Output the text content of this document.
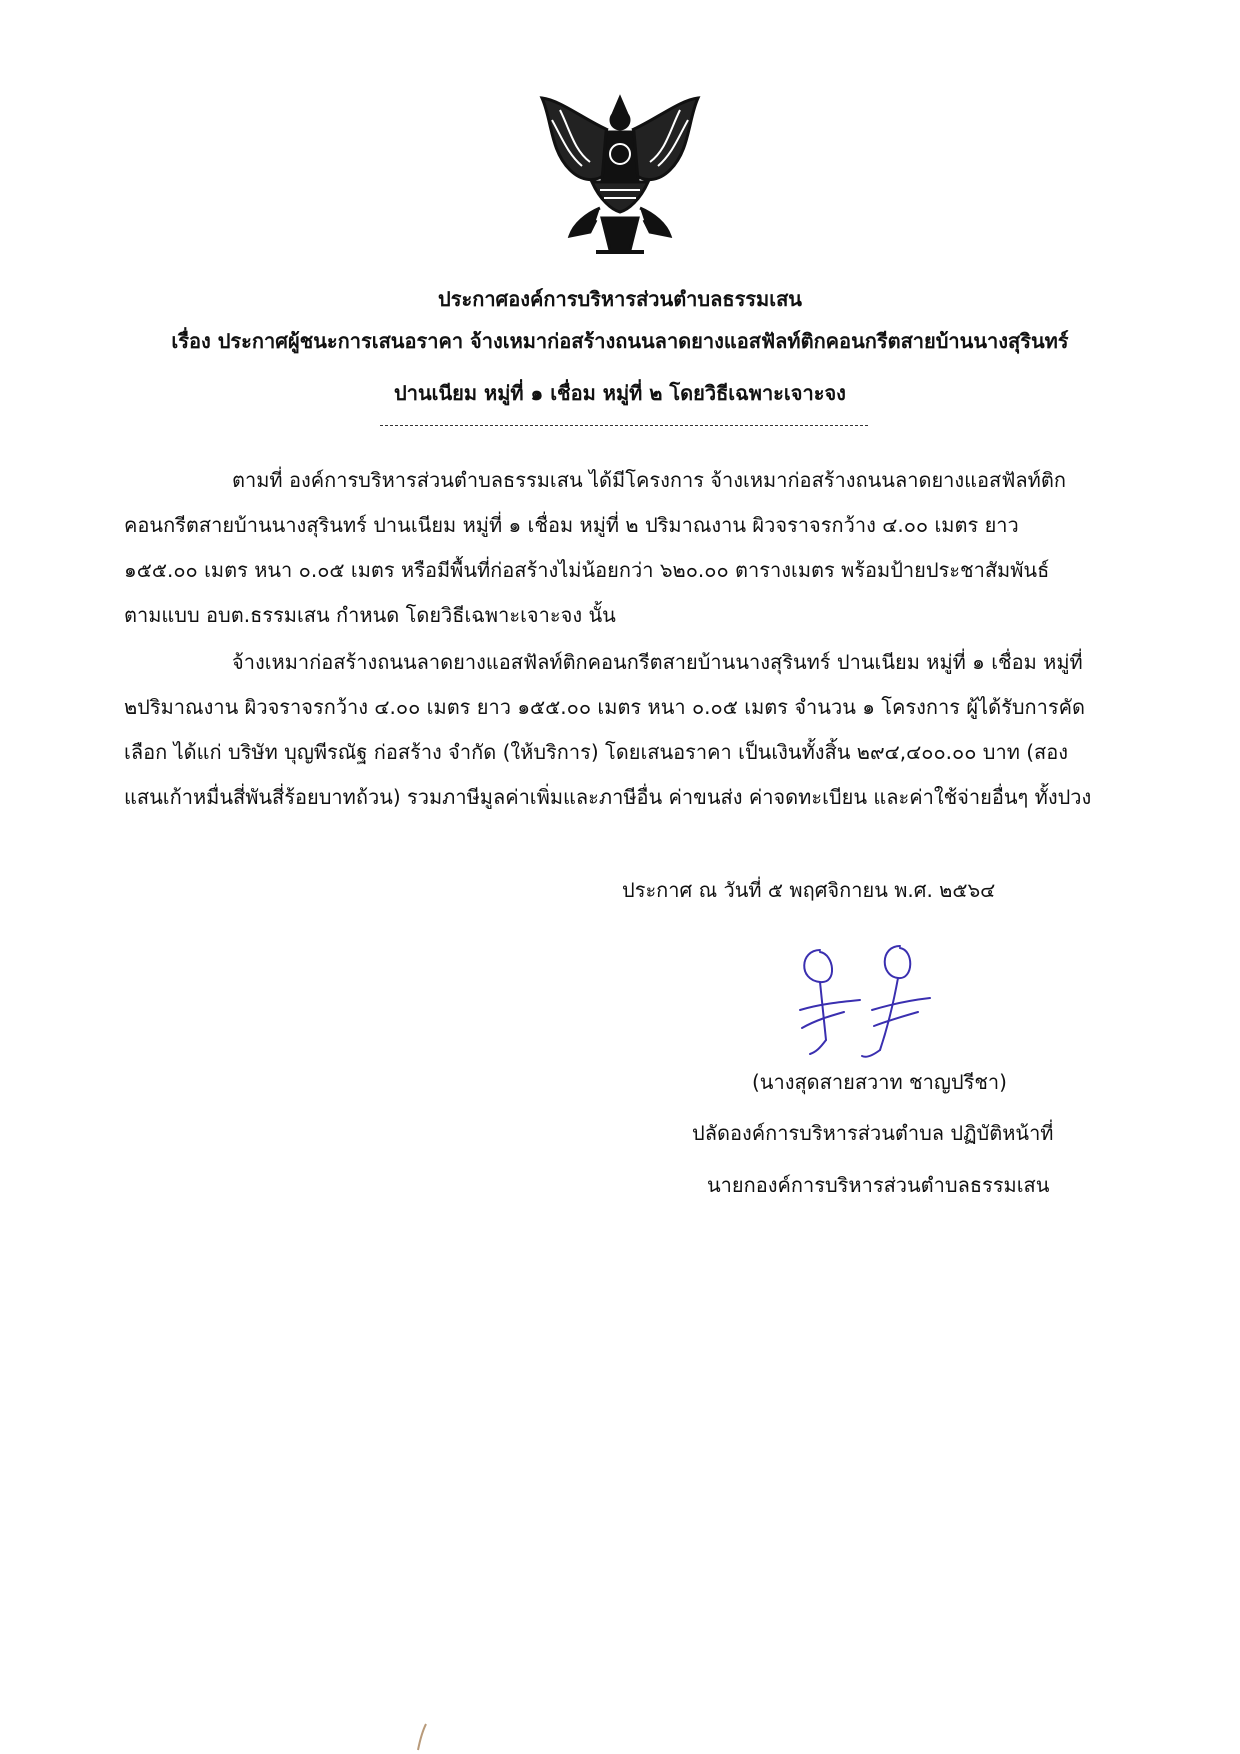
ประกาศองค์การบริหารส่วนตำบลธรรมเสน
เรื่อง ประกาศผู้ชนะการเสนอราคา จ้างเหมาก่อสร้างถนนลาดยางแอสฟัลท์ติกคอนกรีตสายบ้านนางสุรินทร์
ปานเนียม หมู่ที่ ๑ เชื่อม หมู่ที่ ๒ โดยวิธีเฉพาะเจาะจง
ตามที่ องค์การบริหารส่วนตำบลธรรมเสน ได้มีโครงการ จ้างเหมาก่อสร้างถนนลาดยางแอสฟัลท์ติก
คอนกรีตสายบ้านนางสุรินทร์ ปานเนียม หมู่ที่ ๑ เชื่อม หมู่ที่ ๒ ปริมาณงาน ผิวจราจรกว้าง ๔.๐๐ เมตร ยาว
๑๕๕.๐๐ เมตร หนา ๐.๐๕ เมตร หรือมีพื้นที่ก่อสร้างไม่น้อยกว่า ๖๒๐.๐๐ ตารางเมตร พร้อมป้ายประชาสัมพันธ์
ตามแบบ อบต.ธรรมเสน กำหนด โดยวิธีเฉพาะเจาะจง นั้น
จ้างเหมาก่อสร้างถนนลาดยางแอสฟัลท์ติกคอนกรีตสายบ้านนางสุรินทร์ ปานเนียม หมู่ที่ ๑ เชื่อม หมู่ที่
๒ปริมาณงาน ผิวจราจรกว้าง ๔.๐๐ เมตร ยาว ๑๕๕.๐๐ เมตร หนา ๐.๐๕ เมตร จำนวน ๑ โครงการ ผู้ได้รับการคัด
เลือก ได้แก่ บริษัท บุญพีรณัฐ ก่อสร้าง จำกัด (ให้บริการ) โดยเสนอราคา เป็นเงินทั้งสิ้น ๒๙๔,๔๐๐.๐๐ บาท (สอง
แสนเก้าหมื่นสี่พันสี่ร้อยบาทถ้วน) รวมภาษีมูลค่าเพิ่มและภาษีอื่น ค่าขนส่ง ค่าจดทะเบียน และค่าใช้จ่ายอื่นๆ ทั้งปวง
ประกาศ ณ วันที่ ๕ พฤศจิกายน พ.ศ. ๒๕๖๔
(นางสุดสายสวาท ชาญปรีชา)
ปลัดองค์การบริหารส่วนตำบล ปฏิบัติหน้าที่
นายกองค์การบริหารส่วนตำบลธรรมเสน
